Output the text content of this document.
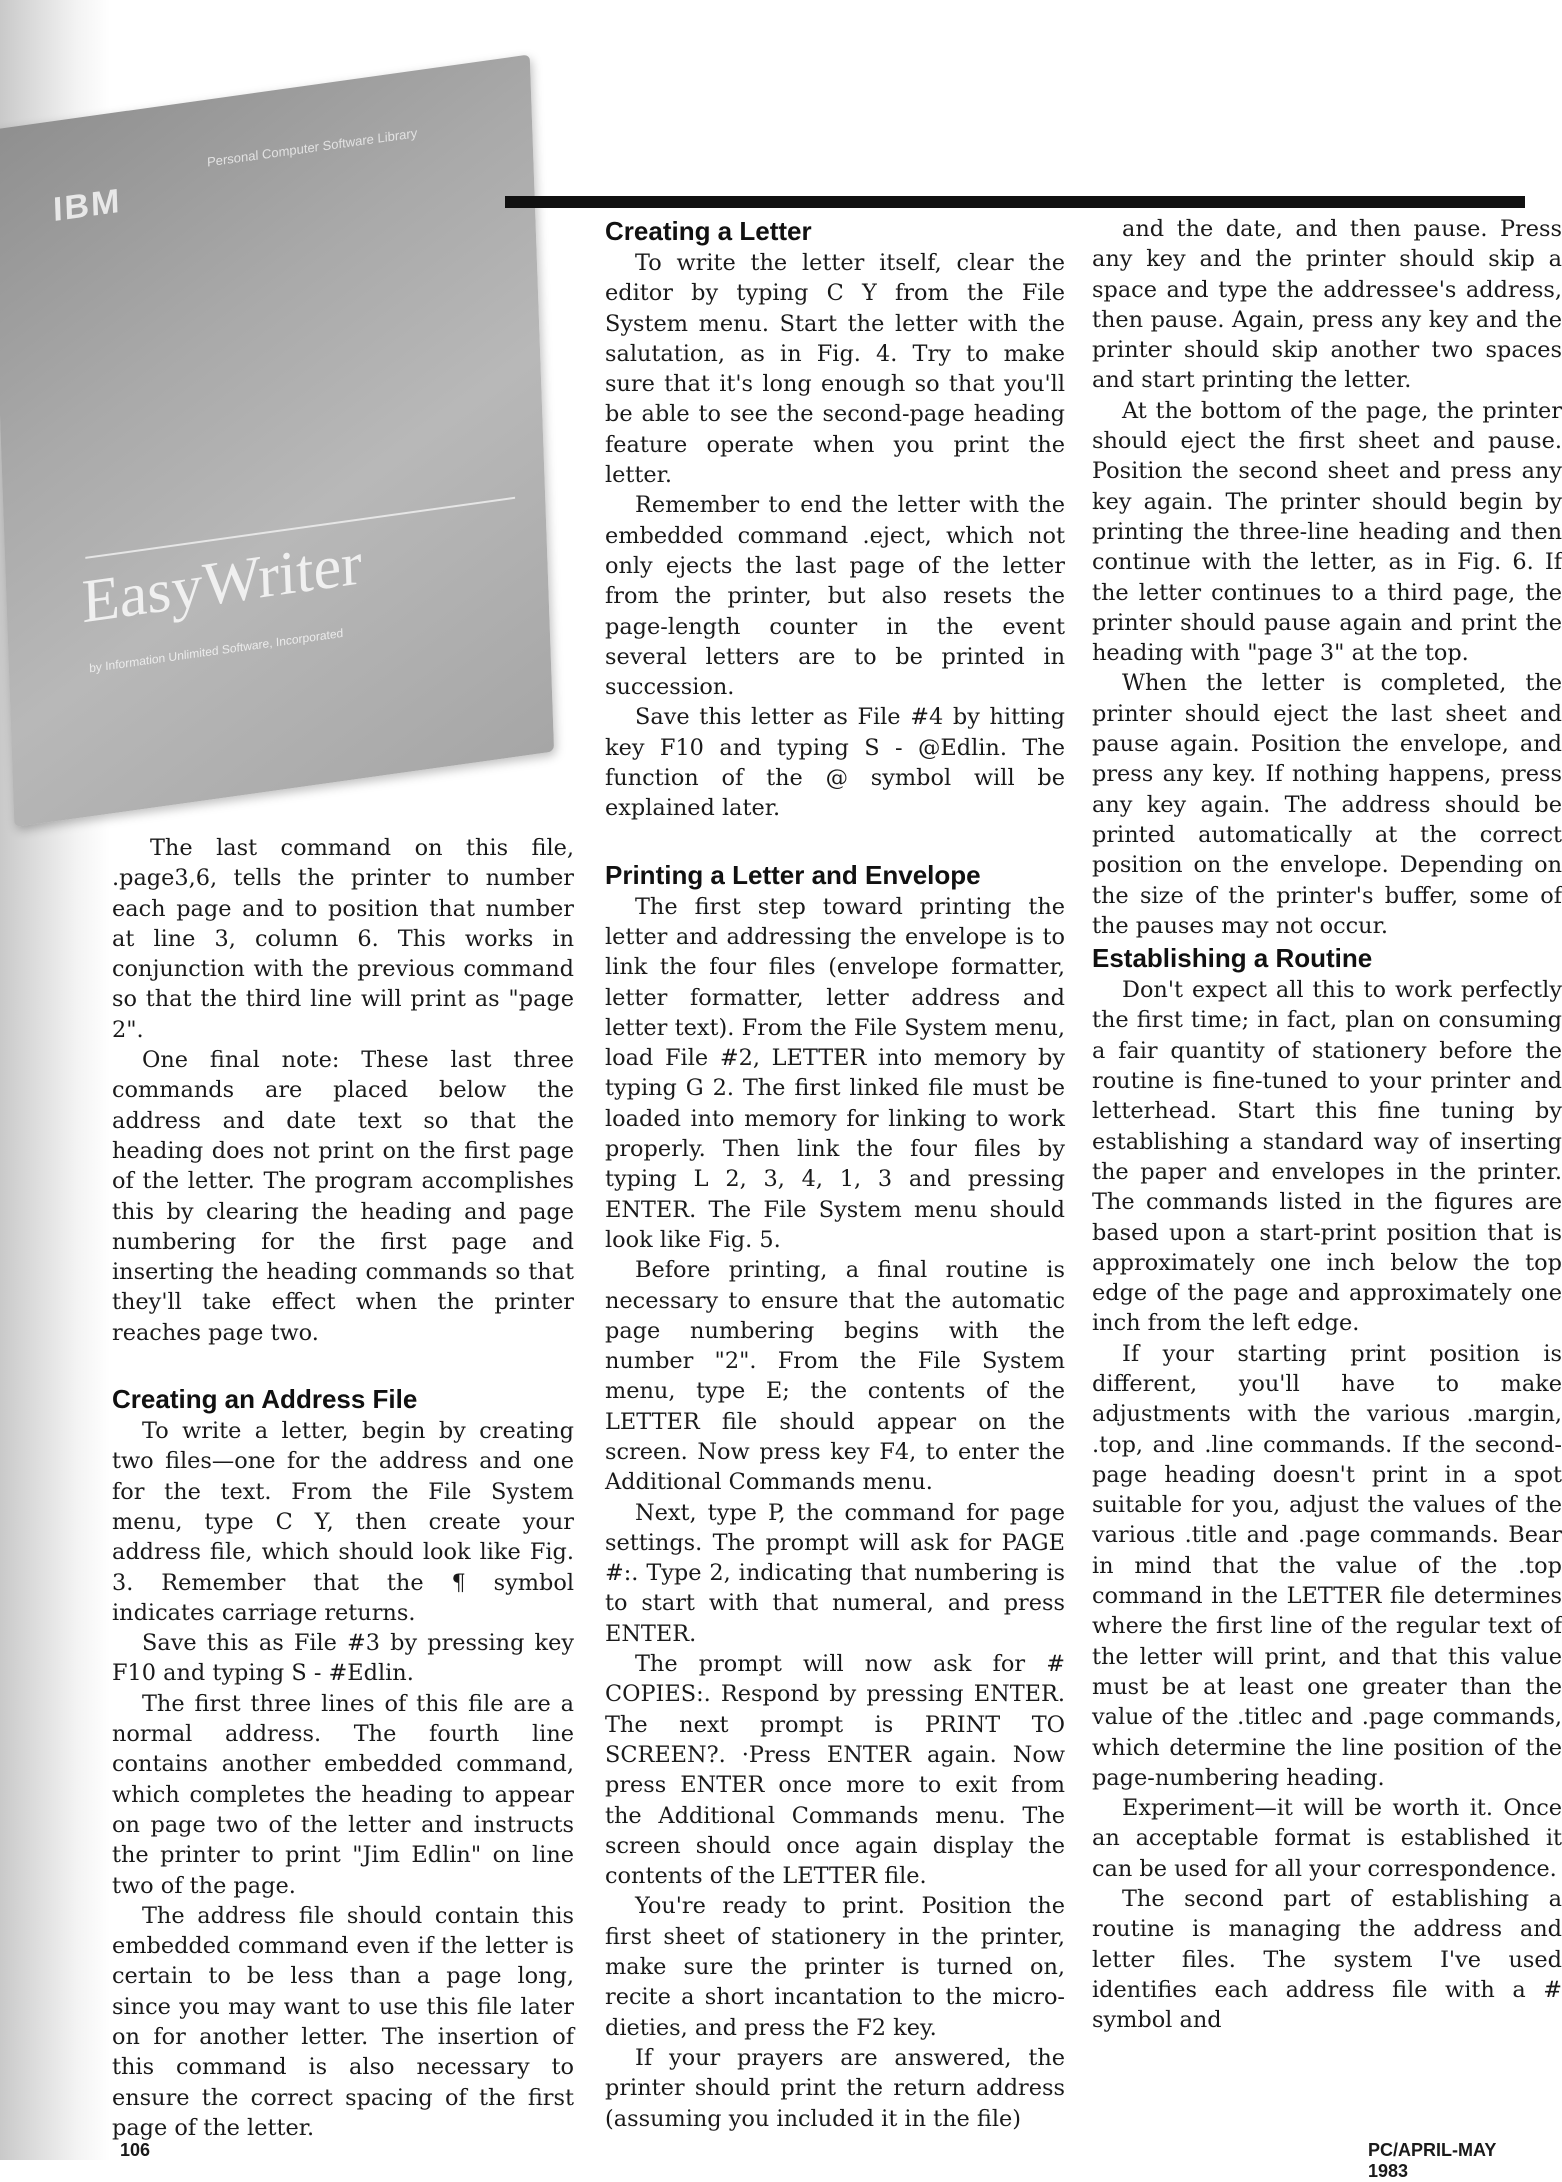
IBM
Personal Computer Software Library
EasyWriter
by Information Unlimited Software, Incorporated

The last command on this file, .page3,6, tells the printer to number each page and to position that number at line 3, column 6. This works in conjunction with the previous command so that the third line will print as "page 2".

One final note: These last three commands are placed below the address and date text so that the heading does not print on the first page of the letter. The program accomplishes this by clearing the heading and page numbering for the first page and inserting the heading commands so that they'll take effect when the printer reaches page two.

Creating an Address File

To write a letter, begin by creating two files—one for the address and one for the text. From the File System menu, type C Y, then create your address file, which should look like Fig. 3. Remember that the ¶ symbol indicates carriage returns.

Save this as File #3 by pressing key F10 and typing S - #Edlin.

The first three lines of this file are a normal address. The fourth line contains another embedded command, which completes the heading to appear on page two of the letter and instructs the printer to print "Jim Edlin" on line two of the page.

The address file should contain this embedded command even if the letter is certain to be less than a page long, since you may want to use this file later on for another letter. The insertion of this command is also necessary to ensure the correct spacing of the first page of the letter.

Creating a Letter

To write the letter itself, clear the editor by typing C Y from the File System menu. Start the letter with the salutation, as in Fig. 4. Try to make sure that it's long enough so that you'll be able to see the second-page heading feature operate when you print the letter.

Remember to end the letter with the embedded command .eject, which not only ejects the last page of the letter from the printer, but also resets the page-length counter in the event several letters are to be printed in succession.

Save this letter as File #4 by hitting key F10 and typing S - @Edlin. The function of the @ symbol will be explained later.

Printing a Letter and Envelope

The first step toward printing the letter and addressing the envelope is to link the four files (envelope formatter, letter formatter, letter address and letter text). From the File System menu, load File #2, LETTER into memory by typing G 2. The first linked file must be loaded into memory for linking to work properly. Then link the four files by typing L 2, 3, 4, 1, 3 and pressing ENTER. The File System menu should look like Fig. 5.

Before printing, a final routine is necessary to ensure that the automatic page numbering begins with the number "2". From the File System menu, type E; the contents of the LETTER file should appear on the screen. Now press key F4, to enter the Additional Commands menu.

Next, type P, the command for page settings. The prompt will ask for PAGE #:. Type 2, indicating that numbering is to start with that numeral, and press ENTER.

The prompt will now ask for # COPIES:. Respond by pressing ENTER. The next prompt is PRINT TO SCREEN?. ·Press ENTER again. Now press ENTER once more to exit from the Additional Commands menu. The screen should once again display the contents of the LETTER file.

You're ready to print. Position the first sheet of stationery in the printer, make sure the printer is turned on, recite a short incantation to the micro-dieties, and press the F2 key.

If your prayers are answered, the printer should print the return address (assuming you included it in the file)

and the date, and then pause. Press any key and the printer should skip a space and type the addressee's address, then pause. Again, press any key and the printer should skip another two spaces and start printing the letter.

At the bottom of the page, the printer should eject the first sheet and pause. Position the second sheet and press any key again. The printer should begin by printing the three-line heading and then continue with the letter, as in Fig. 6. If the letter continues to a third page, the printer should pause again and print the heading with "page 3" at the top.

When the letter is completed, the printer should eject the last sheet and pause again. Position the envelope, and press any key. If nothing happens, press any key again. The address should be printed automatically at the correct position on the envelope. Depending on the size of the printer's buffer, some of the pauses may not occur.

Establishing a Routine

Don't expect all this to work perfectly the first time; in fact, plan on consuming a fair quantity of stationery before the routine is fine-tuned to your printer and letterhead. Start this fine tuning by establishing a standard way of inserting the paper and envelopes in the printer. The commands listed in the figures are based upon a start-print position that is approximately one inch below the top edge of the page and approximately one inch from the left edge.

If your starting print position is different, you'll have to make adjustments with the various .margin, .top, and .line commands. If the second-page heading doesn't print in a spot suitable for you, adjust the values of the various .title and .page commands. Bear in mind that the value of the .top command in the LETTER file determines where the first line of the regular text of the letter will print, and that this value must be at least one greater than the value of the .titlec and .page commands, which determine the line position of the page-numbering heading.

Experiment—it will be worth it. Once an acceptable format is established it can be used for all your correspondence.

The second part of establishing a routine is managing the address and letter files. The system I've used identifies each address file with a # symbol and

106	PC/APRIL-MAY 1983
